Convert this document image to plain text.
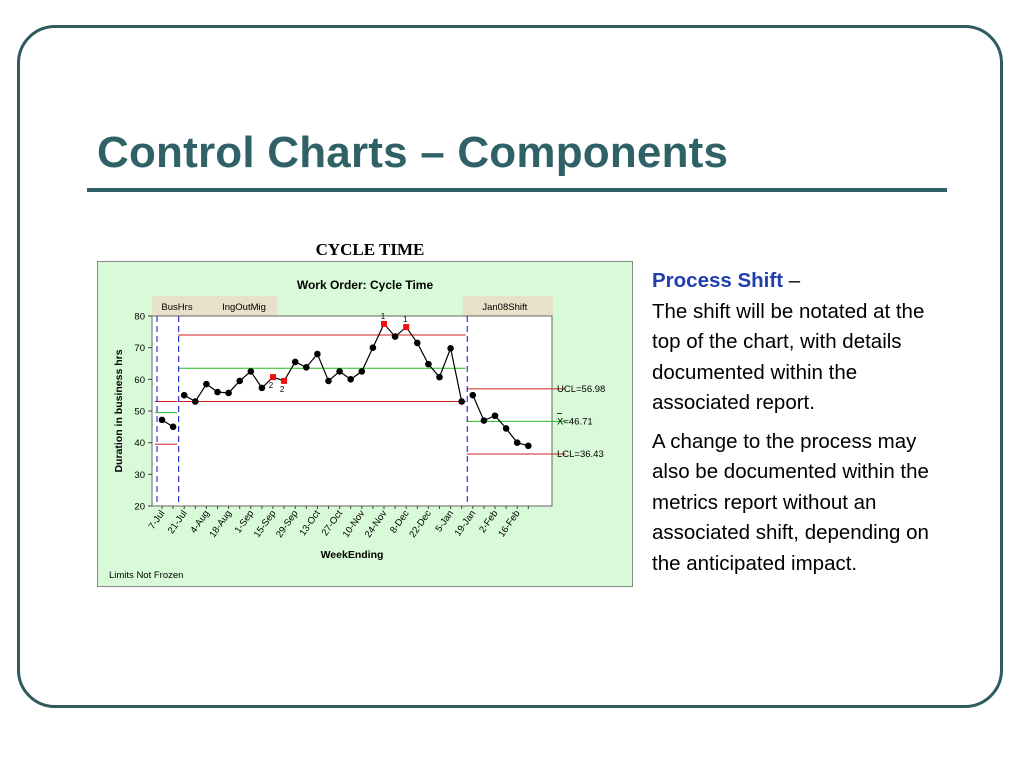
Control Charts – Components
CYCLE TIME
Work Order: Cycle Time
BusHrs	IngOutMig	Jan08Shift
2 2
1 1
20
30
40
50
60
70
80
7-Jul
21-Jul
4-Aug
18-Aug
1-Sep
15-Sep
29-Sep
13-Oct
27-Oct
10-Nov
24-Nov
8-Dec
22-Dec 5-Jan
19-Jan
2-Feb
16-Feb
UCL=56.98
X=46.71
LCL=36.43
Duration in business hrs
WeekEnding
Limits Not Frozen

Process Shift –
The shift will be notated at the top of the chart, with details documented within the associated report.

A change to the process may also be documented within the metrics report without an associated shift, depending on the anticipated impact.
